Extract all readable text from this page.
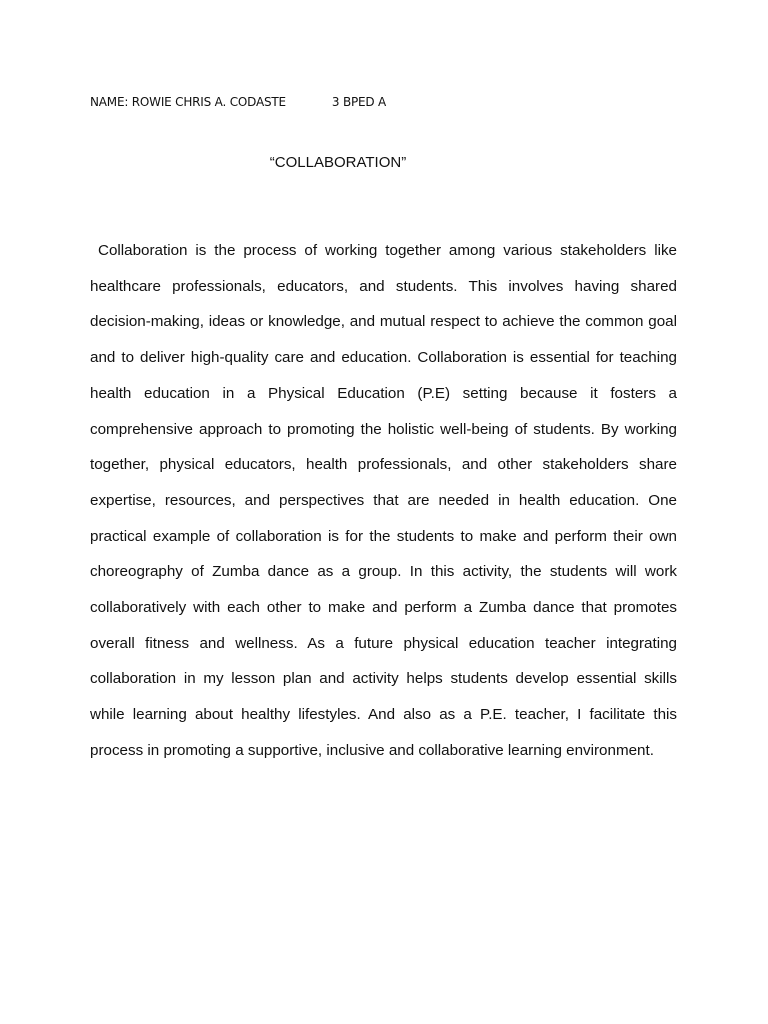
NAME: ROWIE CHRIS A. CODASTE	3 BPED A
“COLLABORATION”

Collaboration is the process of working together among various stakeholders like healthcare professionals, educators, and students. This involves having shared decision-making, ideas or knowledge, and mutual respect to achieve the common goal and to deliver high-quality care and education. Collaboration is essential for teaching health education in a Physical Education (P.E) setting because it fosters a comprehensive approach to promoting the holistic well-being of students. By working together, physical educators, health professionals, and other stakeholders share expertise, resources, and perspectives that are needed in health education. One practical example of collaboration is for the students to make and perform their own choreography of Zumba dance as a group. In this activity, the students will work collaboratively with each other to make and perform a Zumba dance that promotes overall fitness and wellness. As a future physical education teacher integrating collaboration in my lesson plan and activity helps students develop essential skills while learning about healthy lifestyles. And also as a P.E. teacher, I facilitate this process in promoting a supportive, inclusive and collaborative learning environment.
